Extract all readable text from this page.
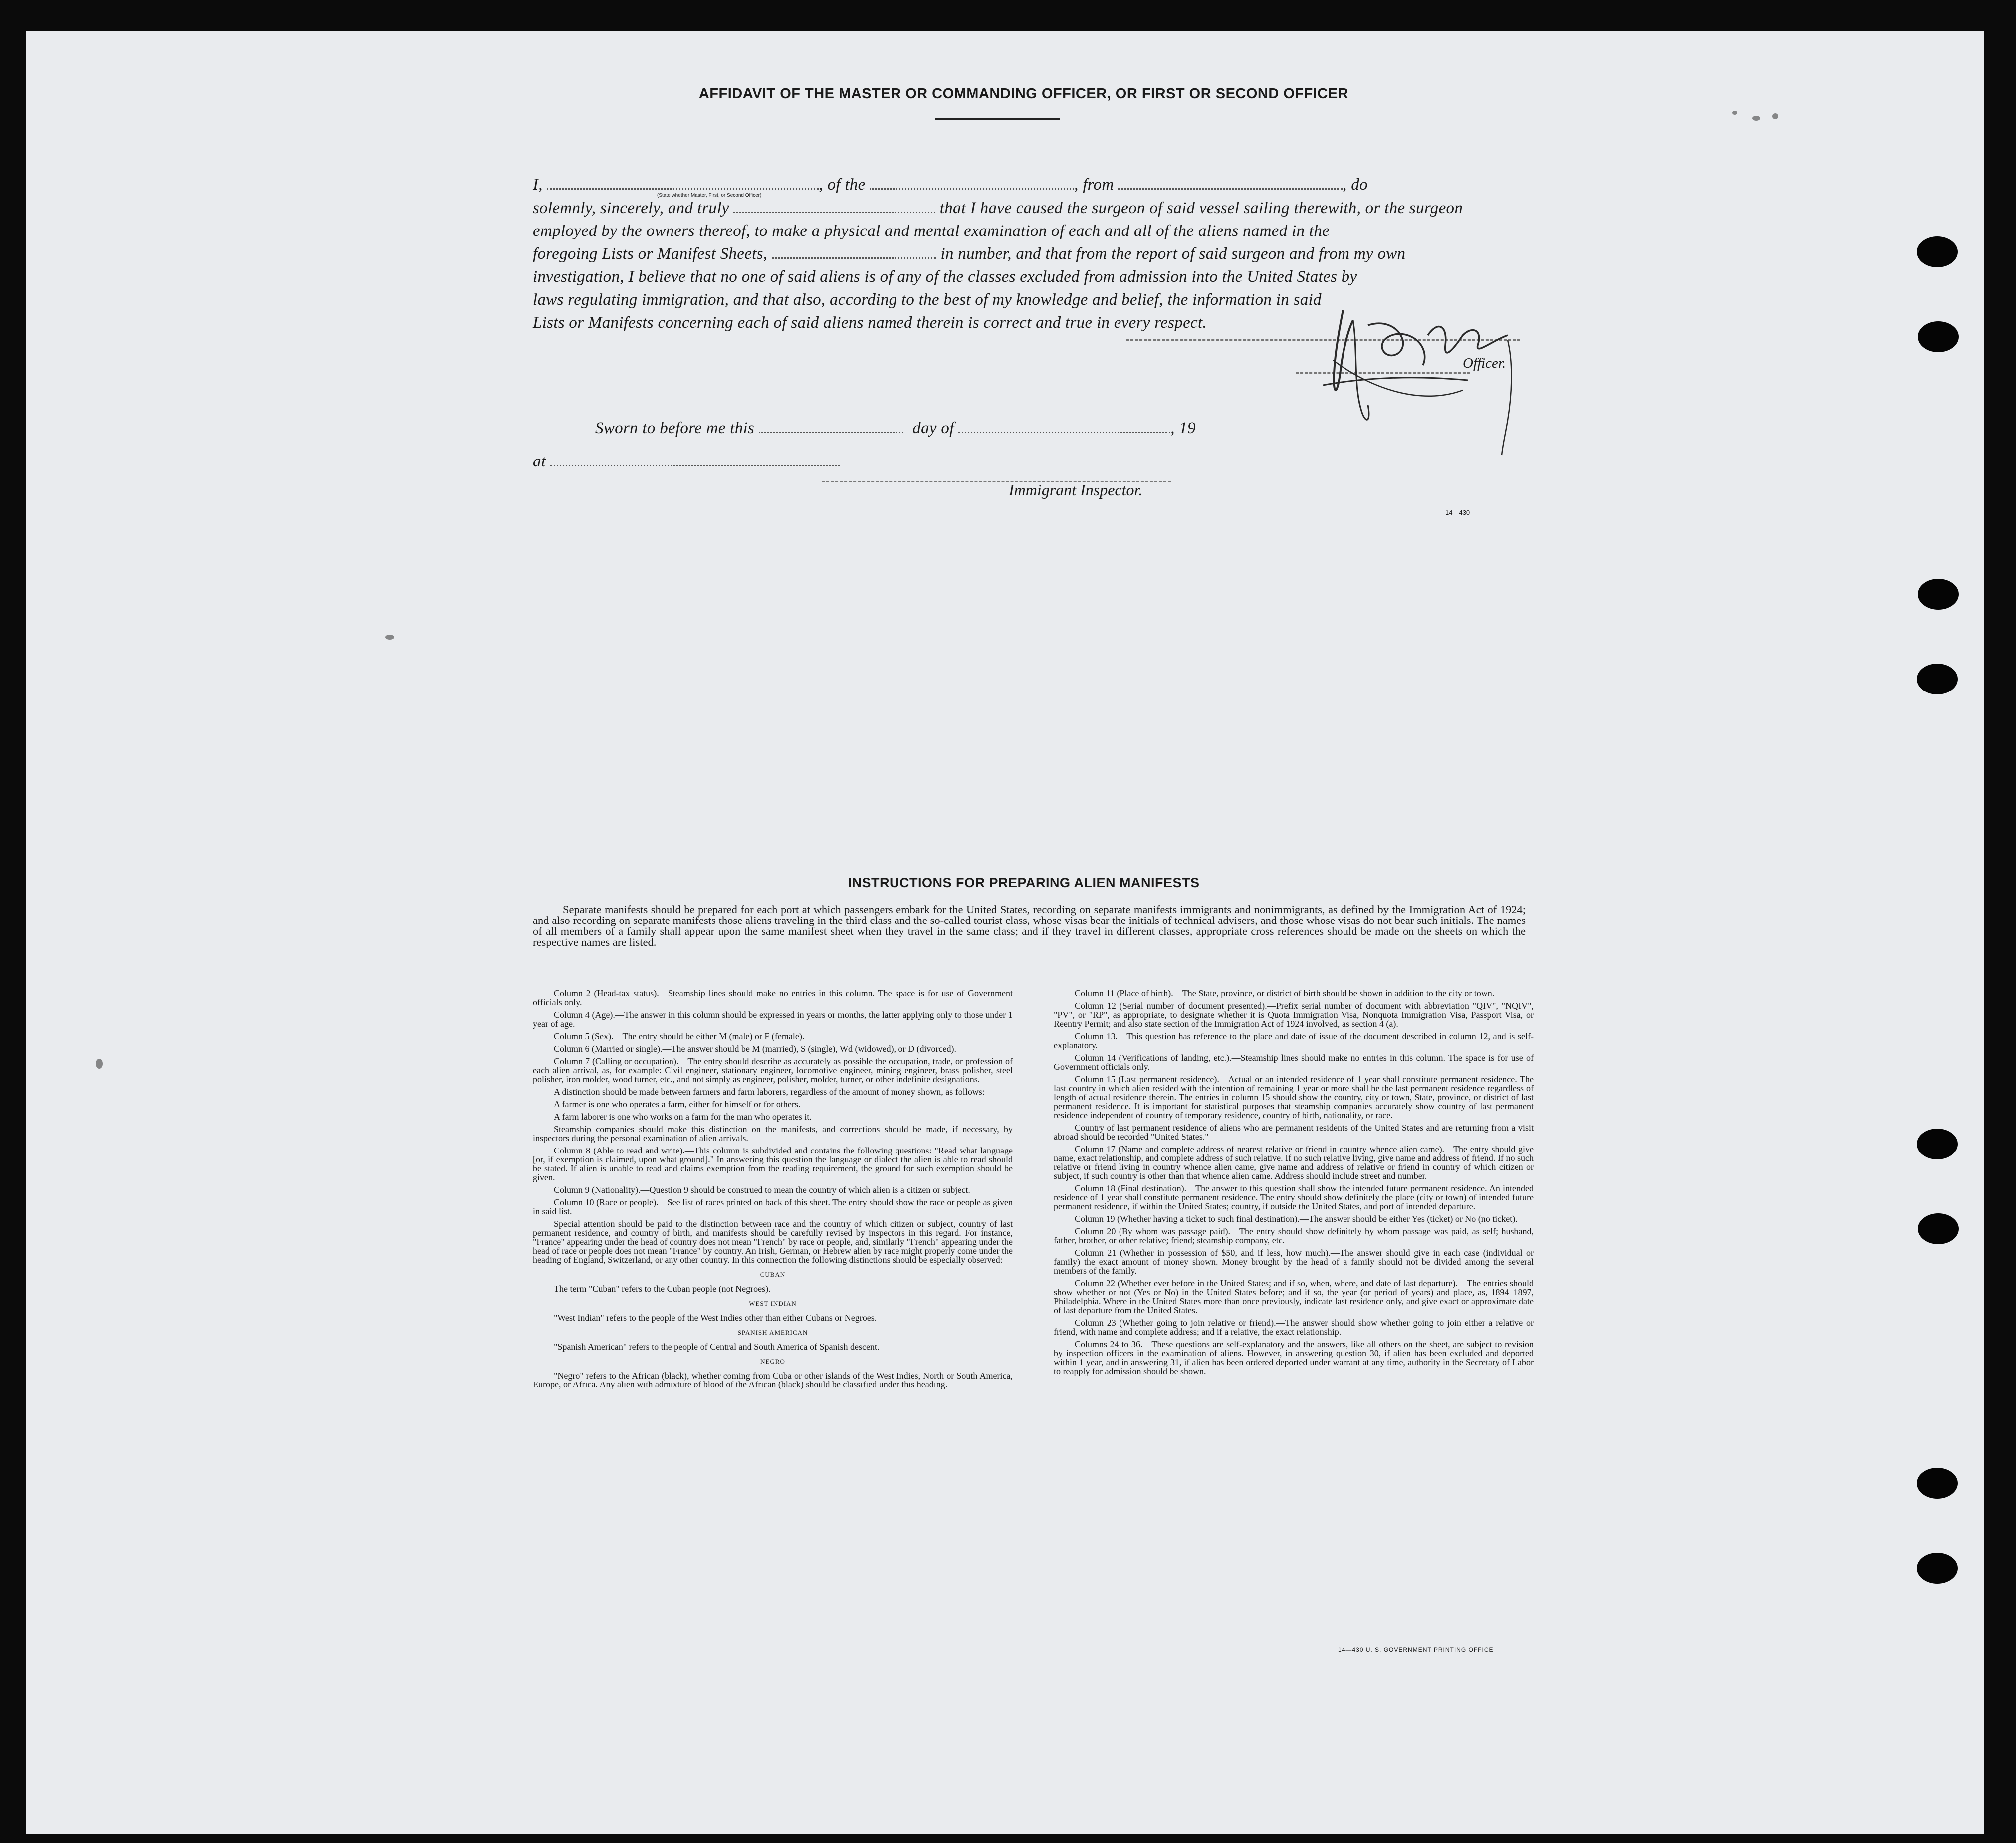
AFFIDAVIT OF THE MASTER OR COMMANDING OFFICER, OR FIRST OR SECOND OFFICER
I,	, of the	, from	, do
(State whether Master, First, or Second Officer)
solemnly, sincerely, and truly	that I have caused the surgeon of said vessel sailing therewith, or the surgeon
employed by the owners thereof, to make a physical and mental examination of each and all of the aliens named in the
foregoing Lists or Manifest Sheets,	in number, and that from the report of said surgeon and from my own
investigation, I believe that no one of said aliens is of any of the classes excluded from admission into the United States by
laws regulating immigration, and that also, according to the best of my knowledge and belief, the information in said
Lists or Manifests concerning each of said aliens named therein is correct and true in every respect.
Officer.
Sworn to before me this	day of	, 19
at
Immigrant Inspector.
14—430
INSTRUCTIONS FOR PREPARING ALIEN MANIFESTS
Separate manifests should be prepared for each port at which passengers embark for the United States, recording on separate manifests immigrants and nonimmigrants, as defined by the Immigration Act of 1924; and also recording on separate manifests those aliens traveling in the third class and the so-called tourist class, whose visas bear the initials of technical advisers, and those whose visas do not bear such initials. The names of all members of a family shall appear upon the same manifest sheet when they travel in the same class; and if they travel in different classes, appropriate cross references should be made on the sheets on which the respective names are listed.

Column 2 (Head-tax status).—Steamship lines should make no entries in this column. The space is for use of Government officials only.

Column 4 (Age).—The answer in this column should be expressed in years or months, the latter applying only to those under 1 year of age.

Column 5 (Sex).—The entry should be either M (male) or F (female).

Column 6 (Married or single).—The answer should be M (married), S (single), Wd (widowed), or D (divorced).

Column 7 (Calling or occupation).—The entry should describe as accurately as possible the occupation, trade, or profession of each alien arrival, as, for example: Civil engineer, stationary engineer, locomotive engineer, mining engineer, brass polisher, steel polisher, iron molder, wood turner, etc., and not simply as engineer, polisher, molder, turner, or other indefinite designations.

A distinction should be made between farmers and farm laborers, regardless of the amount of money shown, as follows:

A farmer is one who operates a farm, either for himself or for others.

A farm laborer is one who works on a farm for the man who operates it.

Steamship companies should make this distinction on the manifests, and corrections should be made, if necessary, by inspectors during the personal examination of alien arrivals.

Column 8 (Able to read and write).—This column is subdivided and contains the following questions: "Read what language [or, if exemption is claimed, upon what ground]." In answering this question the language or dialect the alien is able to read should be stated. If alien is unable to read and claims exemption from the reading requirement, the ground for such exemption should be given.

Column 9 (Nationality).—Question 9 should be construed to mean the country of which alien is a citizen or subject.

Column 10 (Race or people).—See list of races printed on back of this sheet. The entry should show the race or people as given in said list.

Special attention should be paid to the distinction between race and the country of which citizen or subject, country of last permanent residence, and country of birth, and manifests should be carefully revised by inspectors in this regard. For instance, "France" appearing under the head of country does not mean "French" by race or people, and, similarly "French" appearing under the head of race or people does not mean "France" by country. An Irish, German, or Hebrew alien by race might properly come under the heading of England, Switzerland, or any other country. In this connection the following distinctions should be especially observed:

CUBAN

The term "Cuban" refers to the Cuban people (not Negroes).

WEST INDIAN

"West Indian" refers to the people of the West Indies other than either Cubans or Negroes.

SPANISH AMERICAN

"Spanish American" refers to the people of Central and South America of Spanish descent.

NEGRO

"Negro" refers to the African (black), whether coming from Cuba or other islands of the West Indies, North or South America, Europe, or Africa. Any alien with admixture of blood of the African (black) should be classified under this heading.

Column 11 (Place of birth).—The State, province, or district of birth should be shown in addition to the city or town.

Column 12 (Serial number of document presented).—Prefix serial number of document with abbreviation "QIV", "NQIV", "PV", or "RP", as appropriate, to designate whether it is Quota Immigration Visa, Nonquota Immigration Visa, Passport Visa, or Reentry Permit; and also state section of the Immigration Act of 1924 involved, as section 4 (a).

Column 13.—This question has reference to the place and date of issue of the document described in column 12, and is self-explanatory.

Column 14 (Verifications of landing, etc.).—Steamship lines should make no entries in this column. The space is for use of Government officials only.

Column 15 (Last permanent residence).—Actual or an intended residence of 1 year shall constitute permanent residence. The last country in which alien resided with the intention of remaining 1 year or more shall be the last permanent residence regardless of length of actual residence therein. The entries in column 15 should show the country, city or town, State, province, or district of last permanent residence. It is important for statistical purposes that steamship companies accurately show country of last permanent residence independent of country of temporary residence, country of birth, nationality, or race.

Country of last permanent residence of aliens who are permanent residents of the United States and are returning from a visit abroad should be recorded "United States."

Column 17 (Name and complete address of nearest relative or friend in country whence alien came).—The entry should give name, exact relationship, and complete address of such relative. If no such relative living, give name and address of friend. If no such relative or friend living in country whence alien came, give name and address of relative or friend in country of which citizen or subject, if such country is other than that whence alien came. Address should include street and number.

Column 18 (Final destination).—The answer to this question shall show the intended future permanent residence. An intended residence of 1 year shall constitute permanent residence. The entry should show definitely the place (city or town) of intended future permanent residence, if within the United States; country, if outside the United States, and port of intended departure.

Column 19 (Whether having a ticket to such final destination).—The answer should be either Yes (ticket) or No (no ticket).

Column 20 (By whom was passage paid).—The entry should show definitely by whom passage was paid, as self; husband, father, brother, or other relative; friend; steamship company, etc.

Column 21 (Whether in possession of $50, and if less, how much).—The answer should give in each case (individual or family) the exact amount of money shown. Money brought by the head of a family should not be divided among the several members of the family.

Column 22 (Whether ever before in the United States; and if so, when, where, and date of last departure).—The entries should show whether or not (Yes or No) in the United States before; and if so, the year (or period of years) and place, as, 1894–1897, Philadelphia. Where in the United States more than once previously, indicate last residence only, and give exact or approximate date of last departure from the United States.

Column 23 (Whether going to join relative or friend).—The answer should show whether going to join either a relative or friend, with name and complete address; and if a relative, the exact relationship.

Columns 24 to 36.—These questions are self-explanatory and the answers, like all others on the sheet, are subject to revision by inspection officers in the examination of aliens. However, in answering question 30, if alien has been excluded and deported within 1 year, and in answering 31, if alien has been ordered deported under warrant at any time, authority in the Secretary of Labor to reapply for admission should be shown.

14—430 U. S. GOVERNMENT PRINTING OFFICE
